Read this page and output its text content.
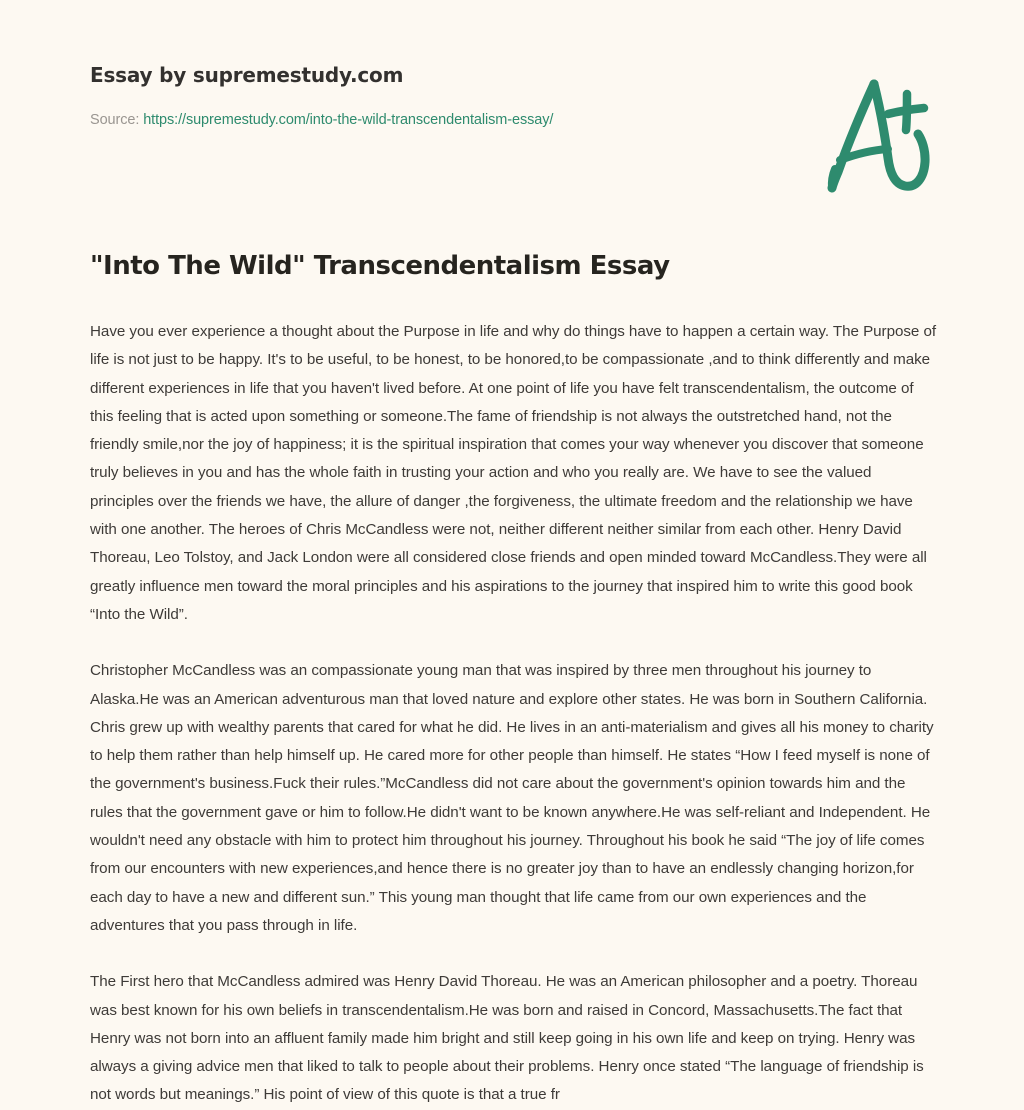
Essay by supremestudy.com
Source: https://supremestudy.com/into-the-wild-transcendentalism-essay/
"Into The Wild" Transcendentalism Essay

Have you ever experience a thought about the Purpose in life and why do things have to happen a certain way. The Purpose of life is not just to be happy. It's to be useful, to be honest, to be honored,to be compassionate ,and to think differently and make different experiences in life that you haven't lived before. At one point of life you have felt transcendentalism, the outcome of this feeling that is acted upon something or someone.The fame of friendship is not always the outstretched hand, not the friendly smile,nor the joy of happiness; it is the spiritual inspiration that comes your way whenever you discover that someone truly believes in you and has the whole faith in trusting your action and who you really are. We have to see the valued principles over the friends we have, the allure of danger ,the forgiveness, the ultimate freedom and the relationship we have with one another. The heroes of Chris McCandless were not, neither different neither similar from each other. Henry David Thoreau, Leo Tolstoy, and Jack London were all considered close friends and open minded toward McCandless.They were all greatly influence men toward the moral principles and his aspirations to the journey that inspired him to write this good book “Into the Wild”.

Christopher McCandless was an compassionate young man that was inspired by three men throughout his journey to Alaska.He was an American adventurous man that loved nature and explore other states. He was born in Southern California. Chris grew up with wealthy parents that cared for what he did. He lives in an anti-materialism and gives all his money to charity to help them rather than help himself up. He cared more for other people than himself. He states “How I feed myself is none of the government's business.Fuck their rules.”McCandless did not care about the government's opinion towards him and the rules that the government gave or him to follow.He didn't want to be known anywhere.He was self-reliant and Independent. He wouldn't need any obstacle with him to protect him throughout his journey. Throughout his book he said “The joy of life comes from our encounters with new experiences,and hence there is no greater joy than to have an endlessly changing horizon,for each day to have a new and different sun.” This young man thought that life came from our own experiences and the adventures that you pass through in life.

The First hero that McCandless admired was Henry David Thoreau. He was an American philosopher and a poetry. Thoreau was best known for his own beliefs in transcendentalism.He was born and raised in Concord, Massachusetts.The fact that Henry was not born into an affluent family made him bright and still keep going in his own life and keep on trying. Henry was always a giving advice men that liked to talk to people about their problems. Henry once stated “The language of friendship is not words but meanings.” His point of view of this quote is that a true fr
